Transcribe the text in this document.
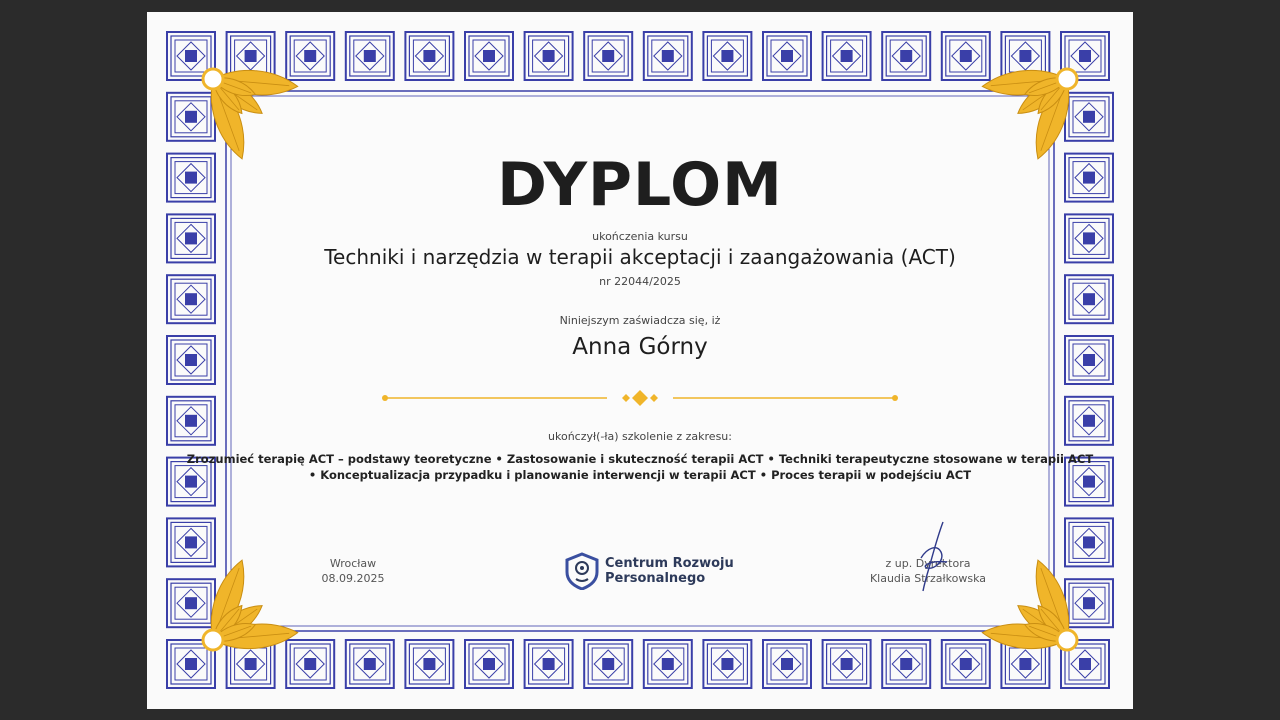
DYPLOM
ukończenia kursu
Techniki i narzędzia w terapii akceptacji i zaangażowania (ACT)
nr 22044/2025
Niniejszym zaświadcza się, iż
Anna Górny
ukończył(-ła) szkolenie z zakresu:
Zrozumieć terapię ACT – podstawy teoretyczne • Zastosowanie i skuteczność terapii ACT • Techniki terapeutyczne stosowane w terapii ACT
• Konceptualizacja przypadku i planowanie interwencji w terapii ACT • Proces terapii w podejściu ACT
Wrocław
08.09.2025
Centrum Rozwoju
Personalnego
z up. Dyrektora
Klaudia Strzałkowska
